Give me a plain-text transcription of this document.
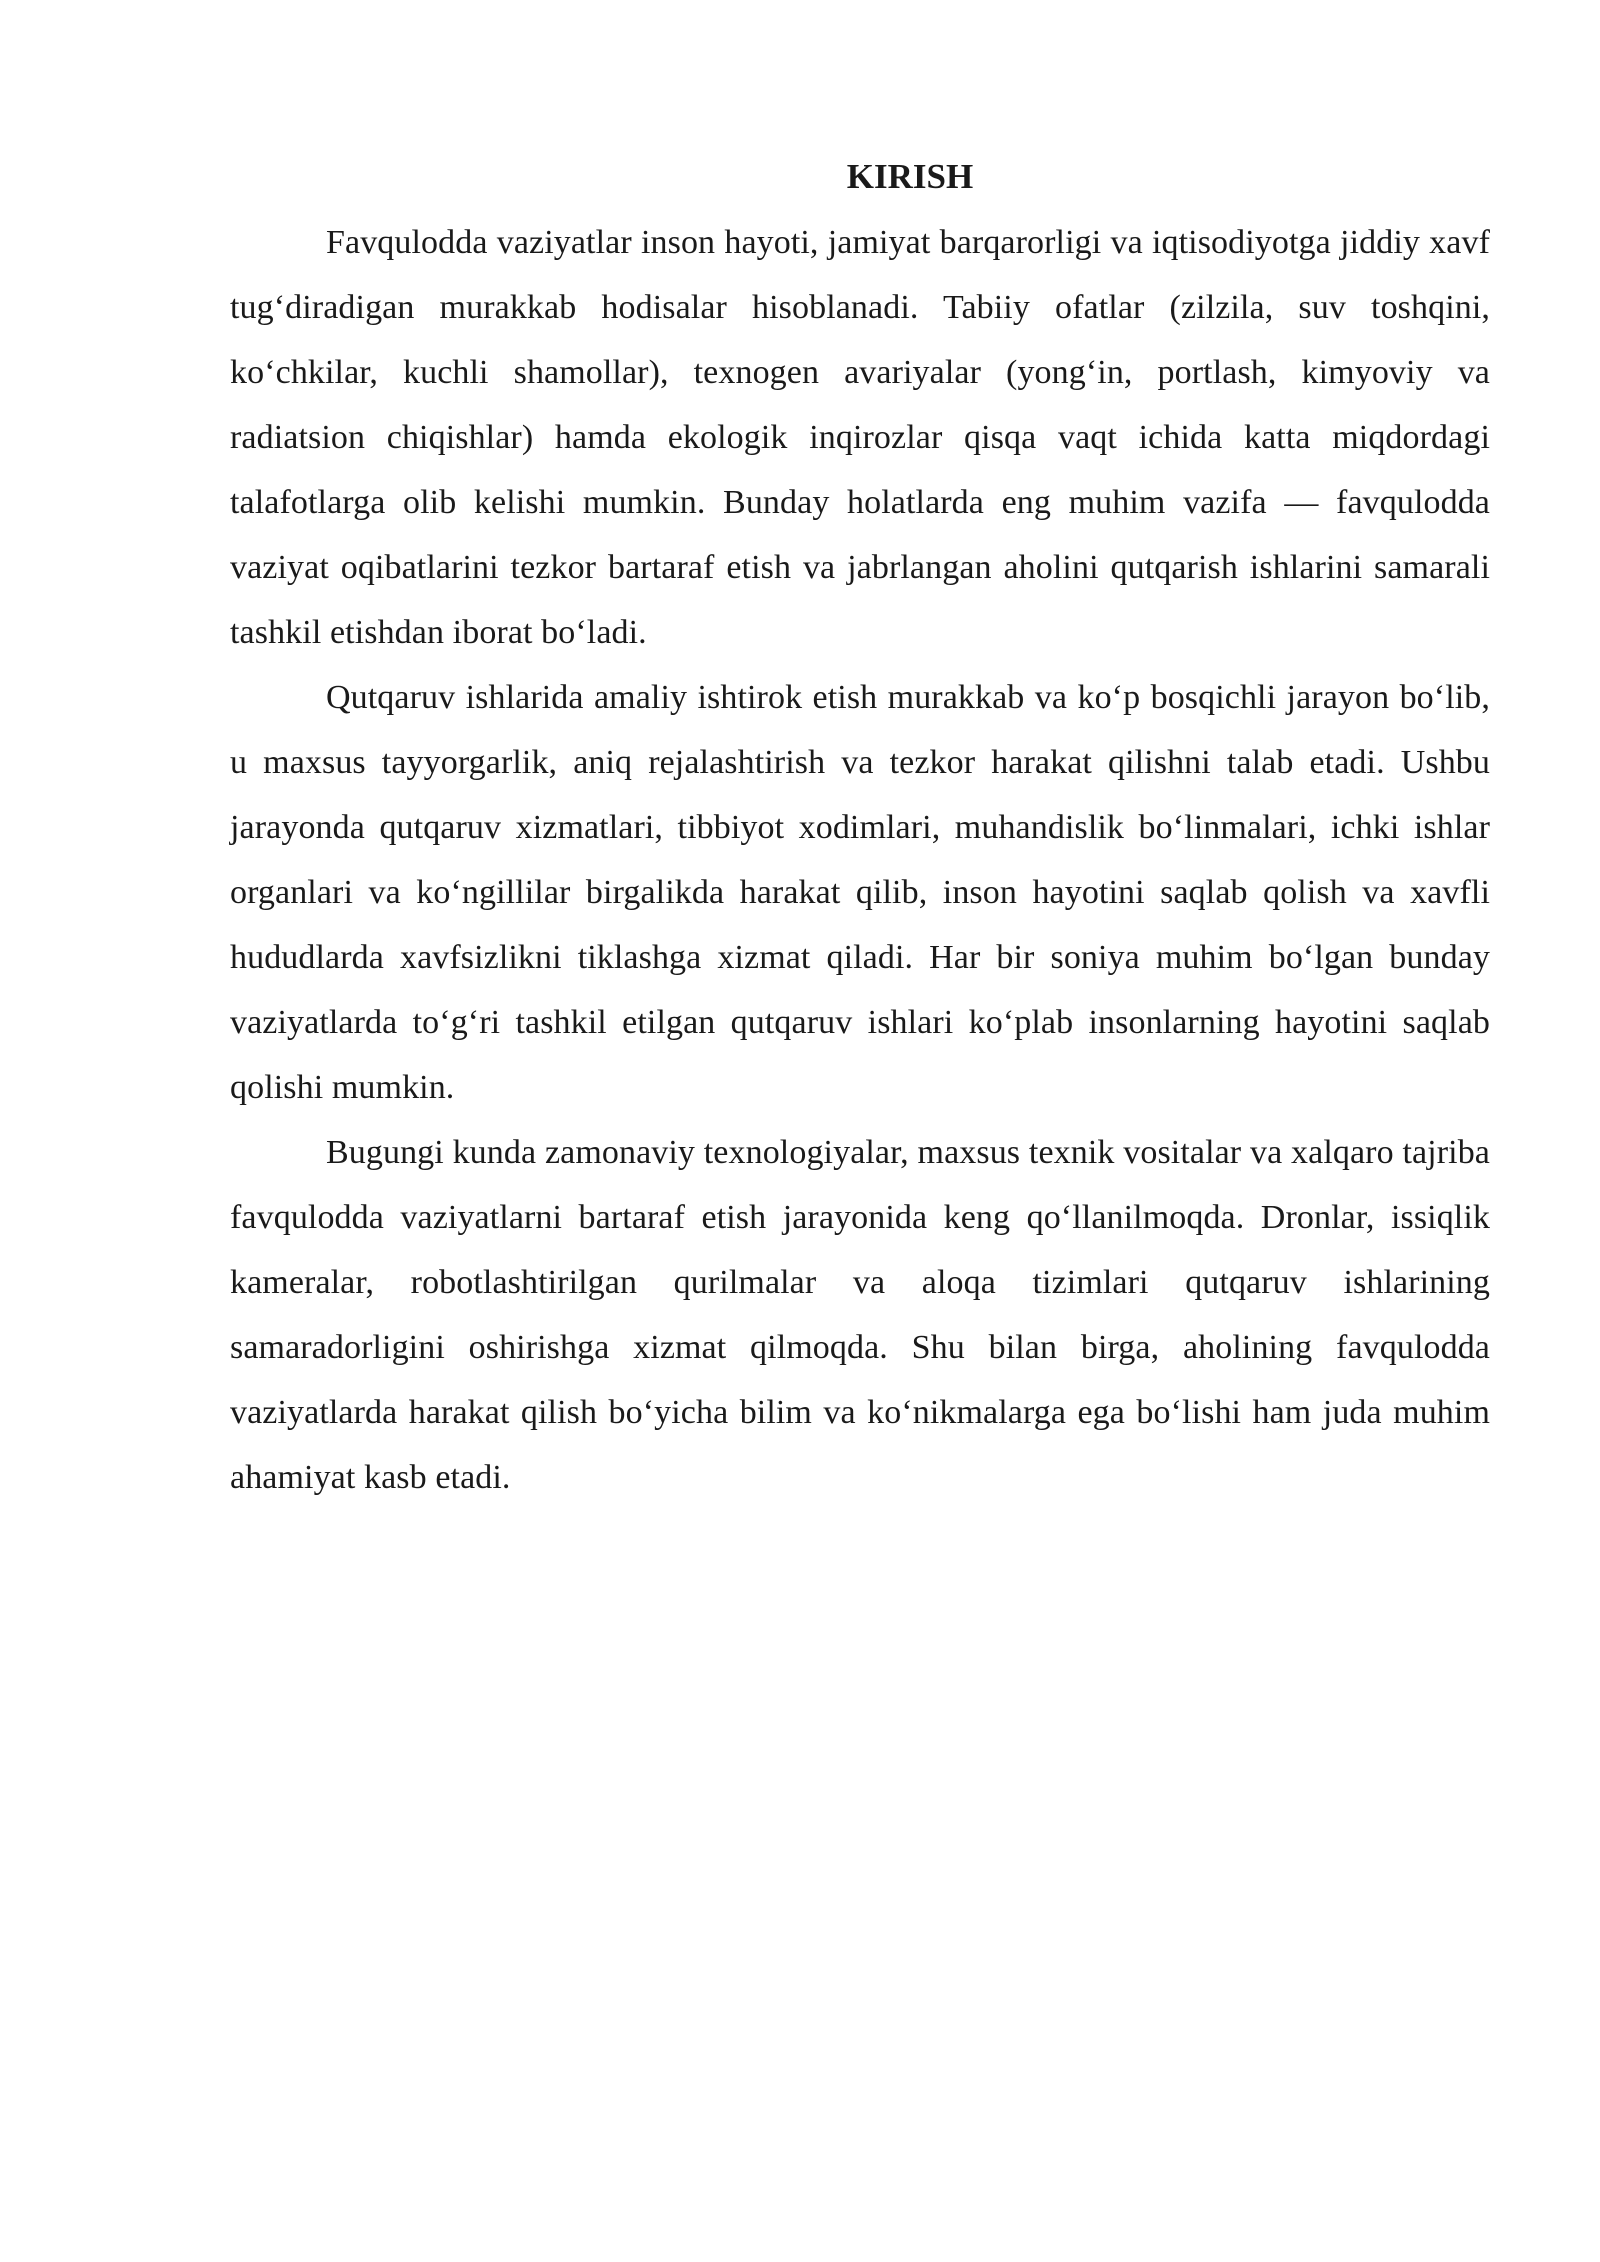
KIRISH

Favqulodda vaziyatlar inson hayoti, jamiyat barqarorligi va iqtisodiyotga jiddiy xavf tug‘diradigan murakkab hodisalar hisoblanadi. Tabiiy ofatlar (zilzila, suv toshqini, ko‘chkilar, kuchli shamollar), texnogen avariyalar (yong‘in, portlash, kimyoviy va radiatsion chiqishlar) hamda ekologik inqirozlar qisqa vaqt ichida katta miqdordagi talafotlarga olib kelishi mumkin. Bunday holatlarda eng muhim vazifa — favqulodda vaziyat oqibatlarini tezkor bartaraf etish va jabrlangan aholini qutqarish ishlarini samarali tashkil etishdan iborat bo‘ladi.

Qutqaruv ishlarida amaliy ishtirok etish murakkab va ko‘p bosqichli jarayon bo‘lib, u maxsus tayyorgarlik, aniq rejalashtirish va tezkor harakat qilishni talab etadi. Ushbu jarayonda qutqaruv xizmatlari, tibbiyot xodimlari, muhandislik bo‘linmalari, ichki ishlar organlari va ko‘ngillilar birgalikda harakat qilib, inson hayotini saqlab qolish va xavfli hududlarda xavfsizlikni tiklashga xizmat qiladi. Har bir soniya muhim bo‘lgan bunday vaziyatlarda to‘g‘ri tashkil etilgan qutqaruv ishlari ko‘plab insonlarning hayotini saqlab qolishi mumkin.

Bugungi kunda zamonaviy texnologiyalar, maxsus texnik vositalar va xalqaro tajriba favqulodda vaziyatlarni bartaraf etish jarayonida keng qo‘llanilmoqda. Dronlar, issiqlik kameralar, robotlashtirilgan qurilmalar va aloqa tizimlari qutqaruv ishlarining samaradorligini oshirishga xizmat qilmoqda. Shu bilan birga, aholining favqulodda vaziyatlarda harakat qilish bo‘yicha bilim va ko‘nikmalarga ega bo‘lishi ham juda muhim ahamiyat kasb etadi.
